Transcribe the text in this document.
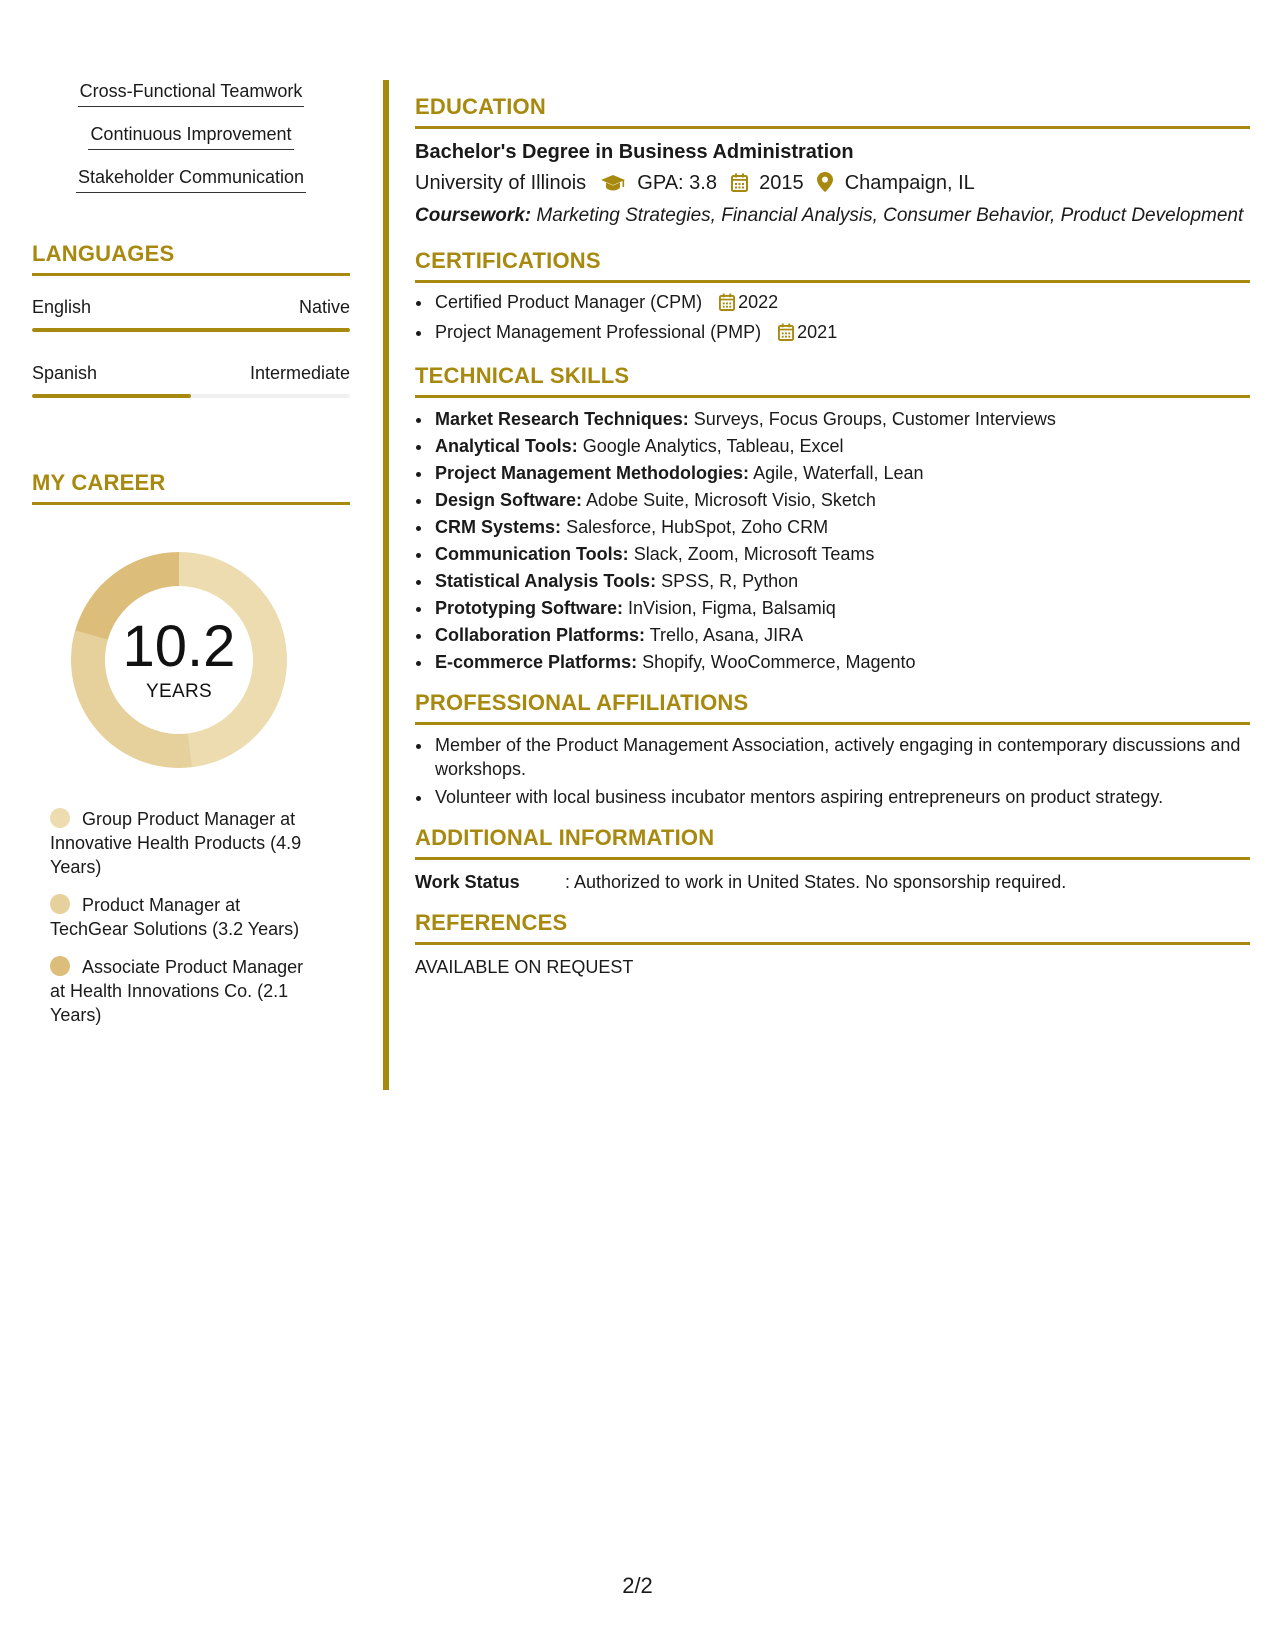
Cross-Functional Teamwork
Continuous Improvement
Stakeholder Communication
LANGUAGES
English	Native
Spanish	Intermediate
MY CAREER
10.2
YEARS
Group Product Manager at Innovative Health Products (4.9 Years)
Product Manager at TechGear Solutions (3.2 Years)
Associate Product Manager at Health Innovations Co. (2.1 Years)
EDUCATION
Bachelor's Degree in Business Administration
University of Illinois	GPA: 3.8 2015 Champaign, IL
Coursework: Marketing Strategies, Financial Analysis, Consumer Behavior, Product Development
CERTIFICATIONS
• Certified Product Manager (CPM) 2022
• Project Management Professional (PMP) 2021
TECHNICAL SKILLS
• Market Research Techniques: Surveys, Focus Groups, Customer Interviews
• Analytical Tools: Google Analytics, Tableau, Excel
• Project Management Methodologies: Agile, Waterfall, Lean
• Design Software: Adobe Suite, Microsoft Visio, Sketch
• CRM Systems: Salesforce, HubSpot, Zoho CRM
• Communication Tools: Slack, Zoom, Microsoft Teams
• Statistical Analysis Tools: SPSS, R, Python
• Prototyping Software: InVision, Figma, Balsamiq
• Collaboration Platforms: Trello, Asana, JIRA
• E-commerce Platforms: Shopify, WooCommerce, Magento
PROFESSIONAL AFFILIATIONS
• Member of the Product Management Association, actively engaging in contemporary discussions and workshops.
• Volunteer with local business incubator mentors aspiring entrepreneurs on product strategy.
ADDITIONAL INFORMATION
Work Status	: Authorized to work in United States. No sponsorship required.
REFERENCES
AVAILABLE ON REQUEST
2/2
